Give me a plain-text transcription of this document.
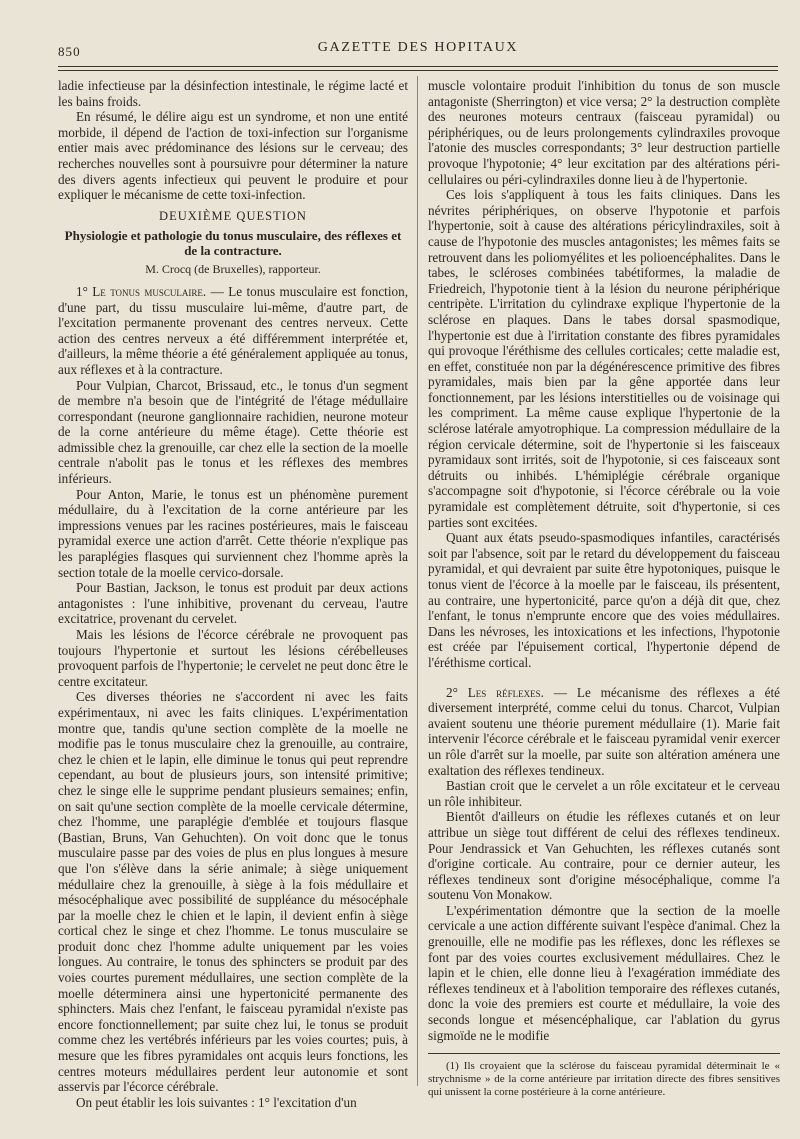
850	GAZETTE DES HOPITAUX

ladie infectieuse par la désinfection intestinale, le régime lacté et les bains froids.

En résumé, le délire aigu est un syndrome, et non une entité morbide, il dépend de l'action de toxi-infection sur l'organisme entier mais avec prédominance des lésions sur le cerveau; des recherches nouvelles sont à poursuivre pour déterminer la nature des divers agents infectieux qui peuvent le produire et pour expliquer le mécanisme de cette toxi-infection.

DEUXIÈME QUESTION
Physiologie et pathologie du tonus musculaire, des réflexes et de la contracture.
M. Crocq (de Bruxelles), rapporteur.

1° Le tonus musculaire. — Le tonus musculaire est fonction, d'une part, du tissu musculaire lui-même, d'autre part, de l'excitation permanente provenant des centres nerveux. Cette action des centres nerveux a été différemment interprétée et, d'ailleurs, la même théorie a été généralement appliquée au tonus, aux réflexes et à la contracture.

Pour Vulpian, Charcot, Brissaud, etc., le tonus d'un segment de membre n'a besoin que de l'intégrité de l'étage médullaire correspondant (neurone ganglionnaire rachidien, neurone moteur de la corne antérieure du même étage). Cette théorie est admissible chez la grenouille, car chez elle la section de la moelle centrale n'abolit pas le tonus et les réflexes des membres inférieurs.

Pour Anton, Marie, le tonus est un phénomène purement médullaire, du à l'excitation de la corne antérieure par les impressions venues par les racines postérieures, mais le faisceau pyramidal exerce une action d'arrêt. Cette théorie n'explique pas les paraplégies flasques qui surviennent chez l'homme après la section totale de la moelle cervico-dorsale.

Pour Bastian, Jackson, le tonus est produit par deux actions antagonistes : l'une inhibitive, provenant du cerveau, l'autre excitatrice, provenant du cervelet.

Mais les lésions de l'écorce cérébrale ne provoquent pas toujours l'hypertonie et surtout les lésions cérébelleuses provoquent parfois de l'hypertonie; le cervelet ne peut donc être le centre excitateur.

Ces diverses théories ne s'accordent ni avec les faits expérimentaux, ni avec les faits cliniques. L'expérimentation montre que, tandis qu'une section complète de la moelle ne modifie pas le tonus musculaire chez la grenouille, au contraire, chez le chien et le lapin, elle diminue le tonus qui peut reprendre cependant, au bout de plusieurs jours, son intensité primitive; chez le singe elle le supprime pendant plusieurs semaines; enfin, on sait qu'une section complète de la moelle cervicale détermine, chez l'homme, une paraplégie d'emblée et toujours flasque (Bastian, Bruns, Van Gehuchten). On voit donc que le tonus musculaire passe par des voies de plus en plus longues à mesure que l'on s'élève dans la série animale; à siège uniquement médullaire chez la grenouille, à siège à la fois médullaire et mésocéphalique avec possibilité de suppléance du mésocéphale par la moelle chez le chien et le lapin, il devient enfin à siège cortical chez le singe et chez l'homme. Le tonus musculaire se produit donc chez l'homme adulte uniquement par les voies longues. Au contraire, le tonus des sphincters se produit par des voies courtes purement médullaires, une section complète de la moelle déterminera ainsi une hypertonicité permanente des sphincters. Mais chez l'enfant, le faisceau pyramidal n'existe pas encore fonctionnellement; par suite chez lui, le tonus se produit comme chez les vertébrés inférieurs par les voies courtes; puis, à mesure que les fibres pyramidales ont acquis leurs fonctions, les centres moteurs médullaires perdent leur autonomie et sont asservis par l'écorce cérébrale.

On peut établir les lois suivantes : 1° l'excitation d'un

muscle volontaire produit l'inhibition du tonus de son muscle antagoniste (Sherrington) et vice versa; 2° la destruction complète des neurones moteurs centraux (faisceau pyramidal) ou périphériques, ou de leurs prolongements cylindraxiles provoque l'atonie des muscles correspondants; 3° leur destruction partielle provoque l'hypotonie; 4° leur excitation par des altérations péri-cellulaires ou péri-cylindraxiles donne lieu à de l'hypertonie.

Ces lois s'appliquent à tous les faits cliniques. Dans les névrites périphériques, on observe l'hypotonie et parfois l'hypertonie, soit à cause des altérations péricylindraxiles, soit à cause de l'hypotonie des muscles antagonistes; les mêmes faits se retrouvent dans les poliomyélites et les polioencéphalites. Dans le tabes, le scléroses combinées tabétiformes, la maladie de Friedreich, l'hypotonie tient à la lésion du neurone périphérique centripète. L'irritation du cylindraxe explique l'hypertonie de la sclérose en plaques. Dans le tabes dorsal spasmodique, l'hypertonie est due à l'irritation constante des fibres pyramidales qui provoque l'éréthisme des cellules corticales; cette maladie est, en effet, constituée non par la dégénérescence primitive des fibres pyramidales, mais bien par la gêne apportée dans leur fonctionnement, par les lésions interstitielles ou de voisinage qui les compriment. La même cause explique l'hypertonie de la sclérose latérale amyotrophique. La compression médullaire de la région cervicale détermine, soit de l'hypertonie si les faisceaux pyramidaux sont irrités, soit de l'hypotonie, si ces faisceaux sont détruits ou inhibés. L'hémiplégie cérébrale organique s'accompagne soit d'hypotonie, si l'écorce cérébrale ou la voie pyramidale est complètement détruite, soit d'hypertonie, si ces parties sont excitées.

Quant aux états pseudo-spasmodiques infantiles, caractérisés soit par l'absence, soit par le retard du développement du faisceau pyramidal, et qui devraient par suite être hypotoniques, puisque le tonus vient de l'écorce à la moelle par le faisceau, ils présentent, au contraire, une hypertonicité, parce qu'on a déjà dit que, chez l'enfant, le tonus n'emprunte encore que des voies médullaires. Dans les névroses, les intoxications et les infections, l'hypotonie est créée par l'épuisement cortical, l'hypertonie dépend de l'éréthisme cortical.

2° Les réflexes. — Le mécanisme des réflexes a été diversement interprété, comme celui du tonus. Charcot, Vulpian avaient soutenu une théorie purement médullaire (1). Marie fait intervenir l'écorce cérébrale et le faisceau pyramidal venir exercer un rôle d'arrêt sur la moelle, par suite son altération aménera une exaltation des réflexes tendineux.

Bastian croit que le cervelet a un rôle excitateur et le cerveau un rôle inhibiteur.

Bientôt d'ailleurs on étudie les réflexes cutanés et on leur attribue un siège tout différent de celui des réflexes tendineux. Pour Jendrassick et Van Gehuchten, les réflexes cutanés sont d'origine corticale. Au contraire, pour ce dernier auteur, les réflexes tendineux sont d'origine mésocéphalique, comme l'a soutenu Von Monakow.

L'expérimentation démontre que la section de la moelle cervicale a une action différente suivant l'espèce d'animal. Chez la grenouille, elle ne modifie pas les réflexes, donc les réflexes se font par des voies courtes exclusivement médullaires. Chez le lapin et le chien, elle donne lieu à l'exagération immédiate des réflexes tendineux et à l'abolition temporaire des réflexes cutanés, donc la voie des premiers est courte et médullaire, la voie des seconds longue et mésencéphalique, car l'ablation du gyrus sigmoïde ne le modifie

(1) Ils croyaient que la sclérose du faisceau pyramidal déterminait le « strychnisme » de la corne antérieure par irritation directe des fibres sensitives qui unissent la corne postérieure à la corne antérieure.
